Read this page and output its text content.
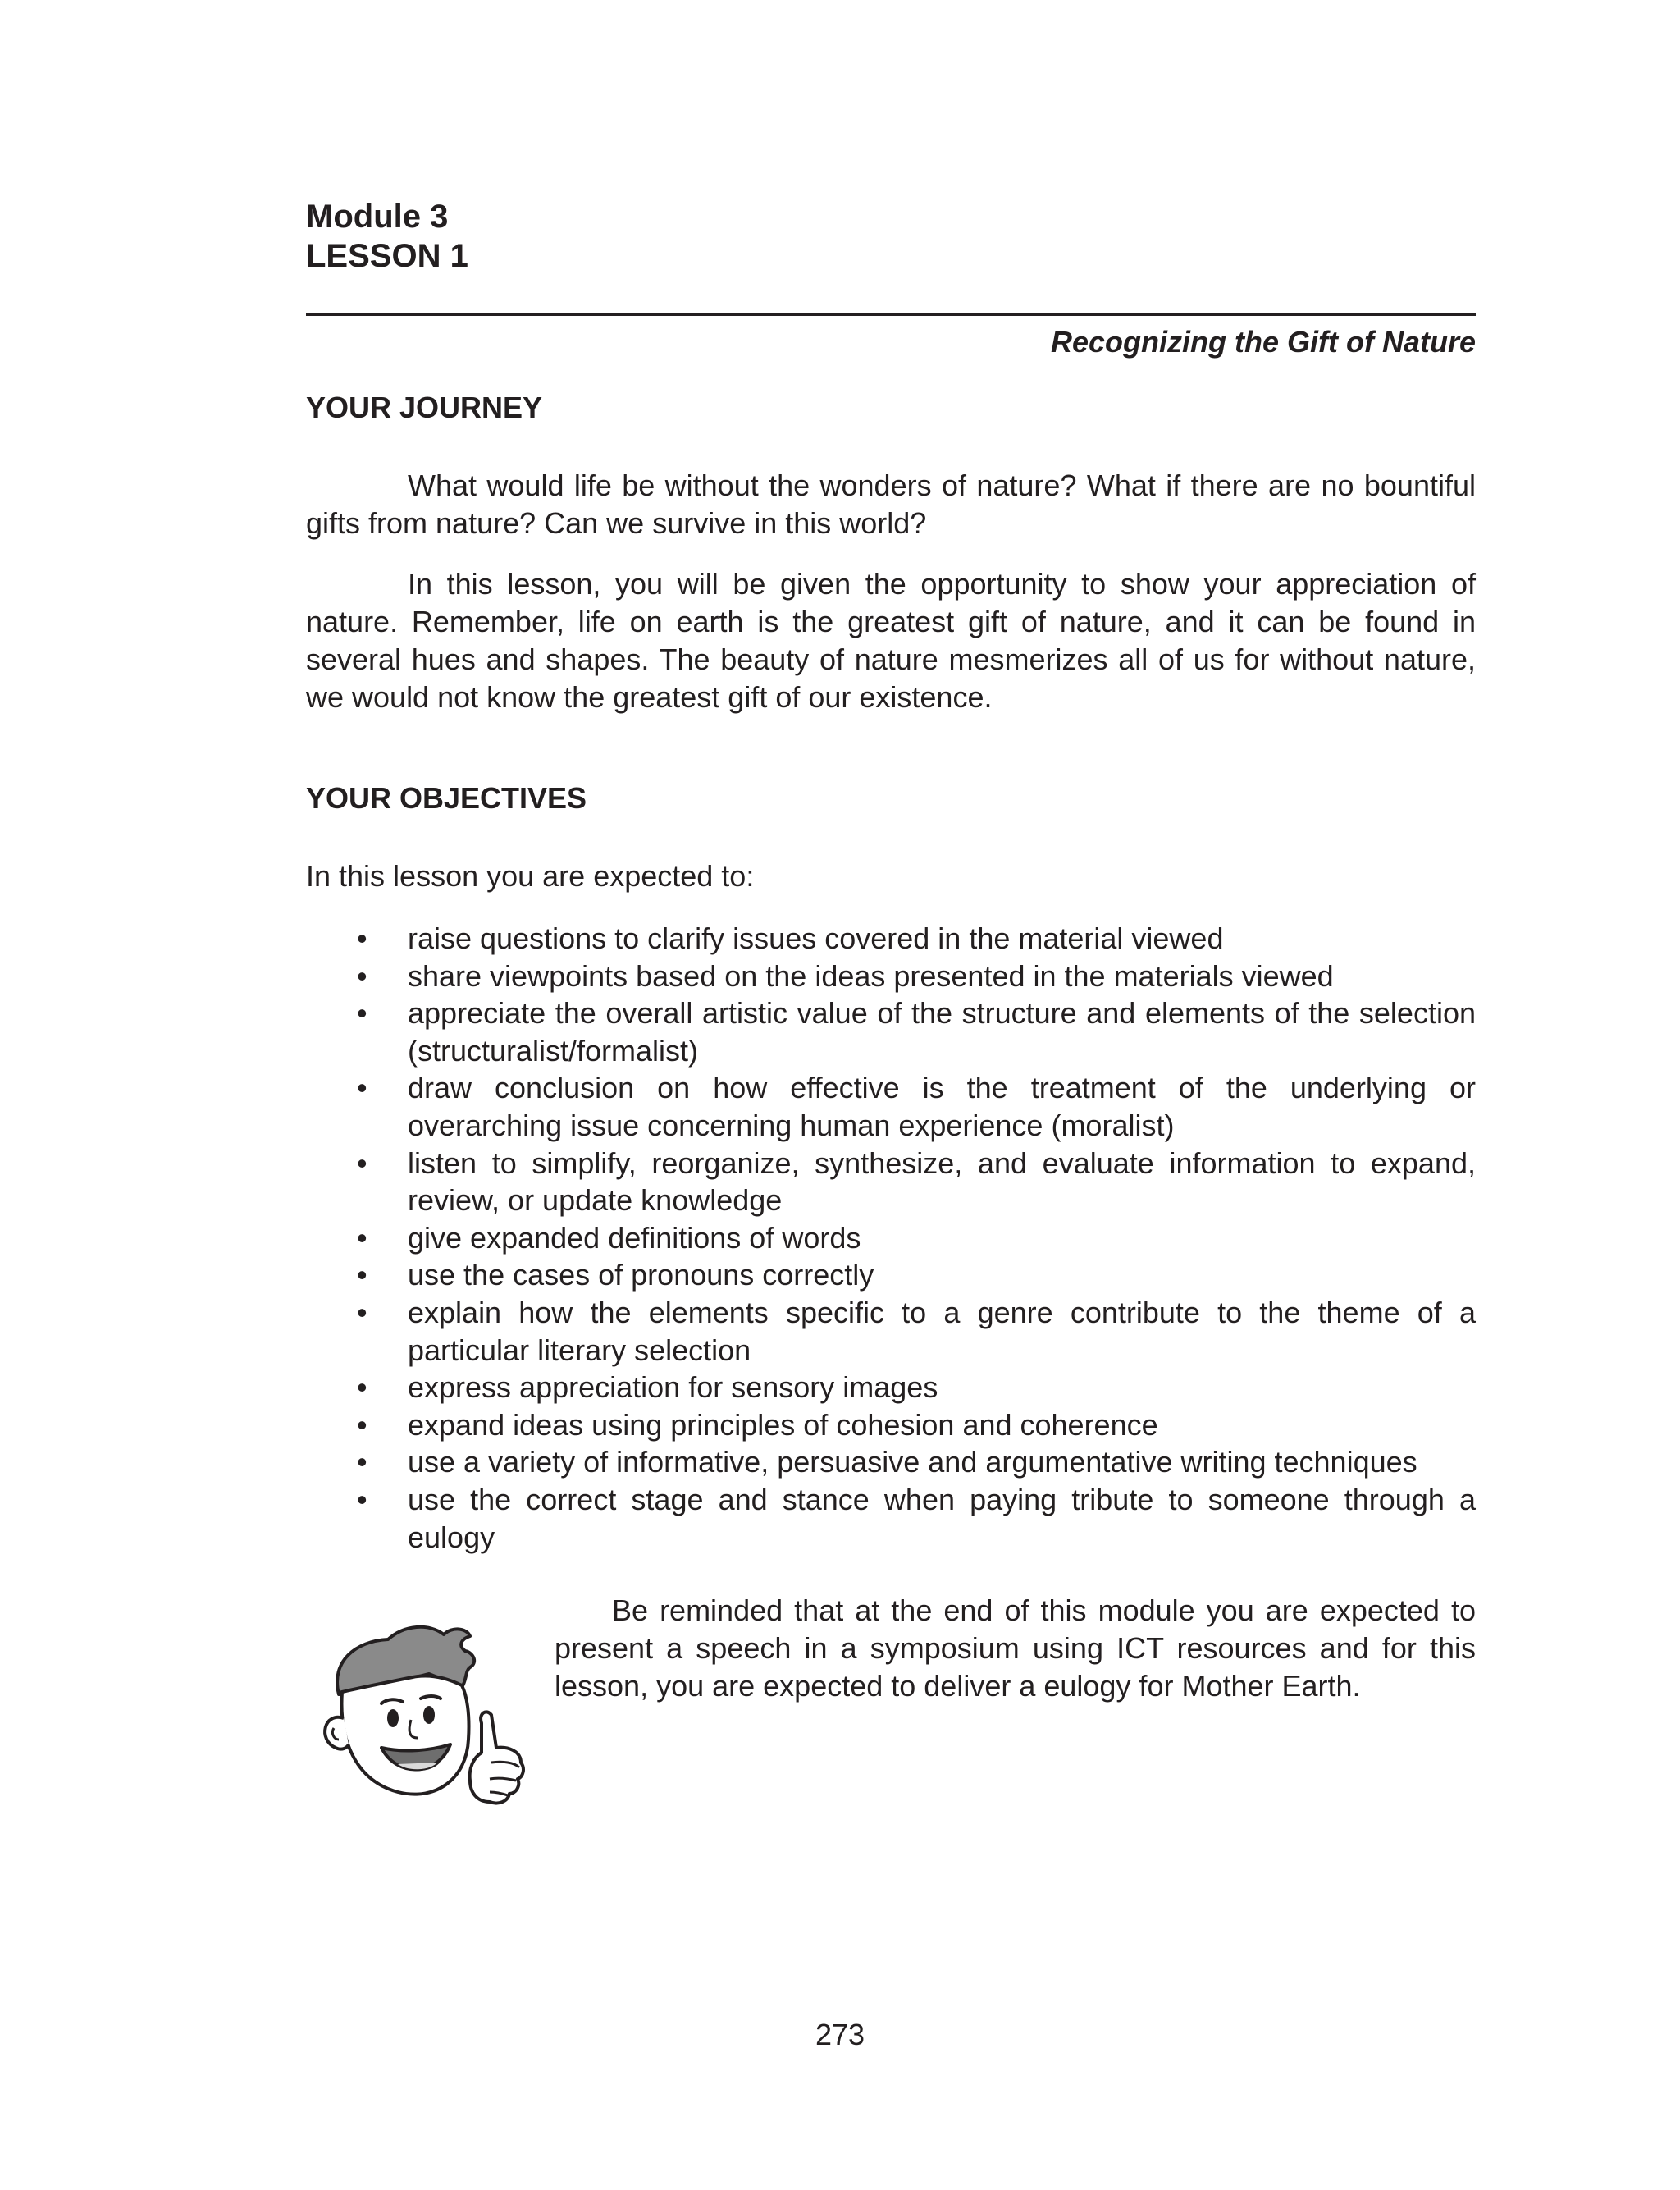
Module 3

LESSON 1

Recognizing the Gift of Nature
YOUR JOURNEY

What would life be without the wonders of nature? What if there are no bountiful gifts from nature? Can we survive in this world?

In this lesson, you will be given the opportunity to show your appreciation of nature. Remember, life on earth is the greatest gift of nature, and it can be found in several hues and shapes. The beauty of nature mesmerizes all of us for without nature, we would not know the greatest gift of our existence.

YOUR OBJECTIVES
In this lesson you are expected to:
• raise questions to clarify issues covered in the material viewed
• share viewpoints based on the ideas presented in the materials viewed
• appreciate the overall artistic value of the structure and elements of the selection (structuralist/formalist)
• draw conclusion on how effective is the treatment of the underlying or overarching issue concerning human experience (moralist)
• listen to simplify, reorganize, synthesize, and evaluate information to expand, review, or update knowledge
• give expanded definitions of words
• use the cases of pronouns correctly
• explain how the elements specific to a genre contribute to the theme of a particular literary selection
• express appreciation for sensory images
• expand ideas using principles of cohesion and coherence
• use a variety of informative, persuasive and argumentative writing techniques
• use the correct stage and stance when paying tribute to someone through a eulogy

Be reminded that at the end of this module you are expected to present a speech in a symposium using ICT resources and for this lesson, you are expected to deliver a eulogy for Mother Earth.

273
